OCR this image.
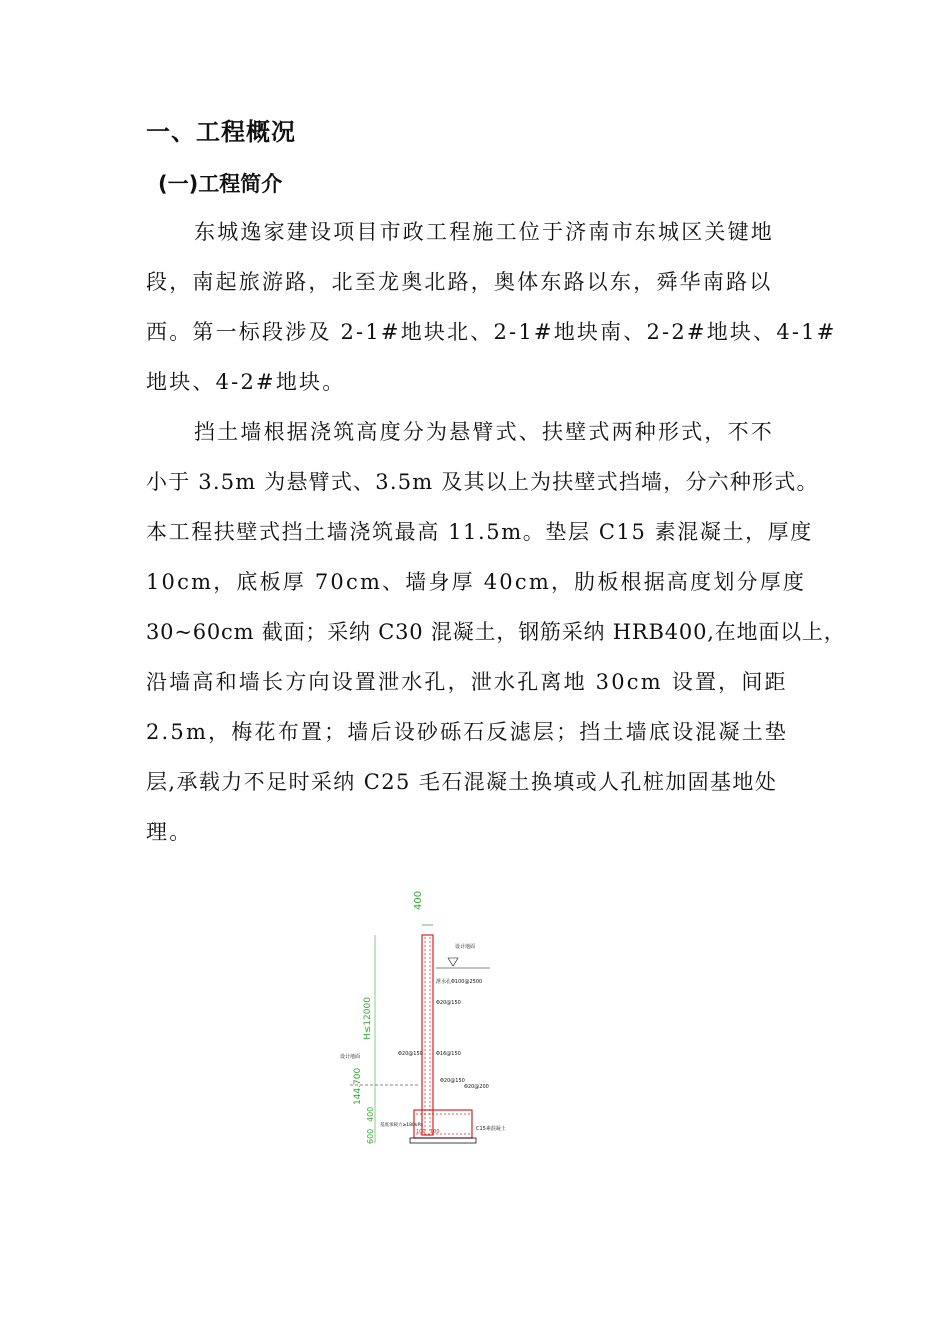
一、工程概况
(一)工程简介
东城逸家建设项目市政工程施工位于济南市东城区关键地
段，南起旅游路，北至龙奥北路，奥体东路以东，舜华南路以
西。第一标段涉及 2-1#地块北、2-1#地块南、2-2#地块、4-1#
地块、4-2#地块。
挡土墙根据浇筑高度分为悬臂式、扶壁式两种形式，不不
小于 3.5m 为悬臂式、3.5m 及其以上为扶壁式挡墙，分六种形式。
本工程扶壁式挡土墙浇筑最高 11.5m。垫层 C15 素混凝土，厚度
10cm，底板厚 70cm、墙身厚 40cm，肋板根据高度划分厚度
30~60cm 截面；采纳 C30 混凝土，钢筋采纳 HRB400,在地面以上，
沿墙高和墙长方向设置泄水孔，泄水孔离地 30cm 设置，间距
2.5m，梅花布置；墙后设砂砾石反滤层；挡土墙底设混凝土垫
层,承载力不足时采纳 C25 毛石混凝土换填或人孔桩加固基地处
理。
400
设计地面
设计地面
H≤12000
144.700
400
600
泄水孔Φ100@2500
Φ20@150
Φ20@150	Φ16@150
Φ20@150
Φ20@200
C15素混凝土
基底承载力≥180kPa
100 100
